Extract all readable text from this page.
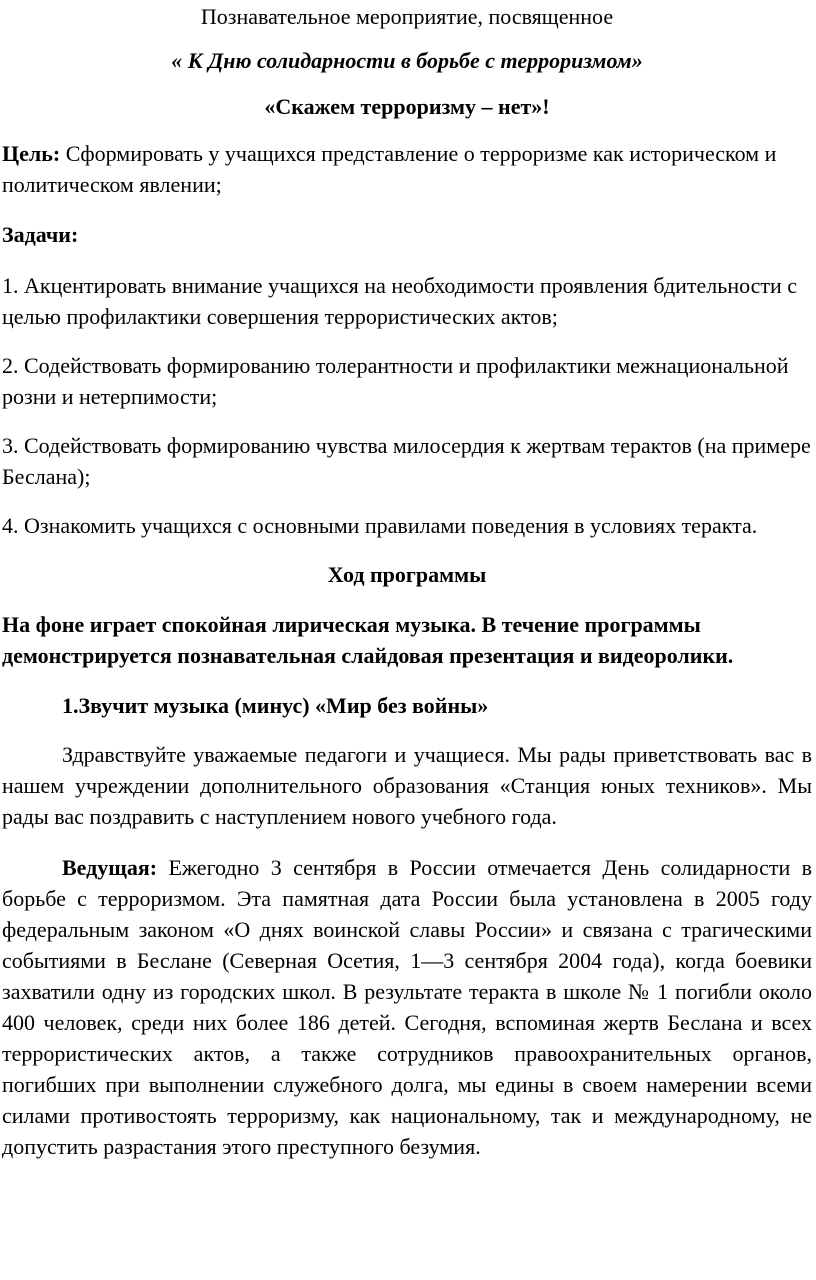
Познавательное мероприятие, посвященное

« К Дню солидарности в борьбе с терроризмом»

«Скажем терроризму – нет»!

Цель: Сформировать у учащихся представление о терроризме как историческом и политическом явлении;

Задачи:

1. Акцентировать внимание учащихся на необходимости проявления бдительности с целью профилактики совершения террористических актов;

2. Содействовать формированию толерантности и профилактики межнациональной розни и нетерпимости;

3. Содействовать формированию чувства милосердия к жертвам терактов (на примере Беслана);

4. Ознакомить учащихся с основными правилами поведения в условиях теракта.

Ход программы

На фоне играет спокойная лирическая музыка. В течение программы демонстрируется познавательная слайдовая презентация и видеоролики.

1.Звучит музыка (минус) «Мир без войны»

Здравствуйте уважаемые педагоги и учащиеся. Мы рады приветствовать вас в нашем учреждении дополнительного образования «Станция юных техников». Мы рады вас поздравить с наступлением нового учебного года.

Ведущая: Ежегодно 3 сентября в России отмечается День солидарности в борьбе с терроризмом. Эта памятная дата России была установлена в 2005 году федеральным законом «О днях воинской славы России» и связана с трагическими событиями в Беслане (Северная Осетия, 1—3 сентября 2004 года), когда боевики захватили одну из городских школ. В результате теракта в школе № 1 погибли около 400 человек, среди них более 186 детей. Сегодня, вспоминая жертв Беслана и всех террористических актов, а также сотрудников правоохранительных органов, погибших при выполнении служебного долга, мы едины в своем намерении всеми силами противостоять терроризму, как национальному, так и международному, не допустить разрастания этого преступного безумия.
